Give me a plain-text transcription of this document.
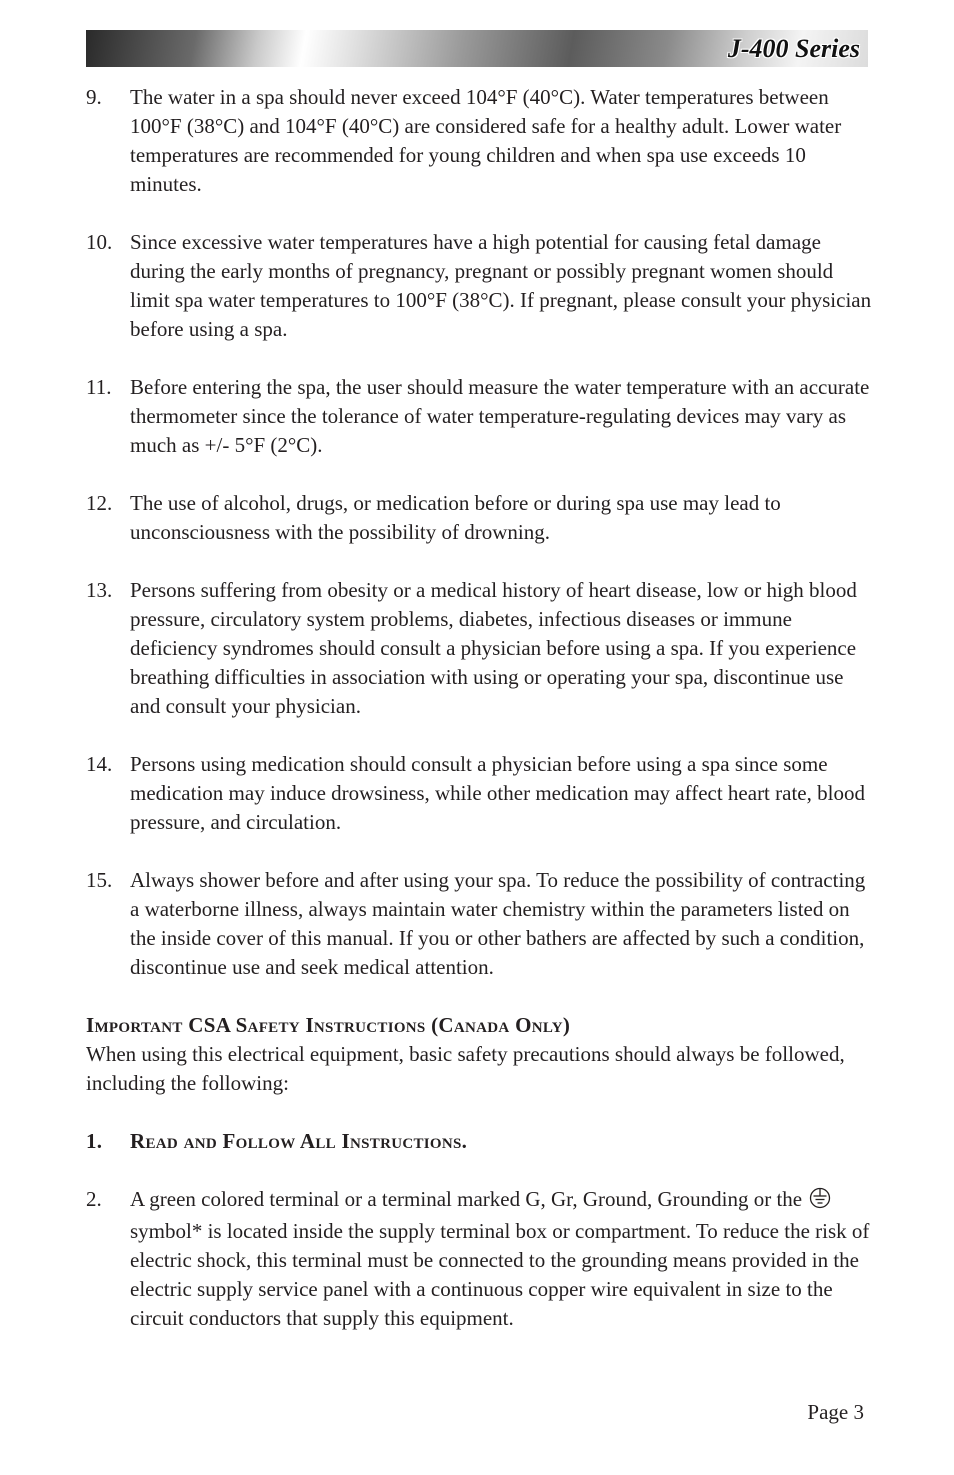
J-400 Series
9. The water in a spa should never exceed 104°F (40°C). Water temperatures between 100°F (38°C) and 104°F (40°C) are considered safe for a healthy adult. Lower water temperatures are recommended for young children and when spa use exceeds 10 minutes.
10. Since excessive water temperatures have a high potential for causing fetal damage during the early months of pregnancy, pregnant or possibly pregnant women should limit spa water temperatures to 100°F (38°C). If pregnant, please consult your physician before using a spa.
11. Before entering the spa, the user should measure the water temperature with an accurate thermometer since the tolerance of water temperature-regulating devices may vary as much as +/- 5°F (2°C).
12. The use of alcohol, drugs, or medication before or during spa use may lead to unconsciousness with the possibility of drowning.
13. Persons suffering from obesity or a medical history of heart disease, low or high blood pressure, circulatory system problems, diabetes, infectious diseases or immune deficiency syndromes should consult a physician before using a spa. If you experience breathing difficulties in association with using or operating your spa, discontinue use and consult your physician.
14. Persons using medication should consult a physician before using a spa since some medication may induce drowsiness, while other medication may affect heart rate, blood pressure, and circulation.
15. Always shower before and after using your spa. To reduce the possibility of contracting a waterborne illness, always maintain water chemistry within the parameters listed on the inside cover of this manual. If you or other bathers are affected by such a condition, discontinue use and seek medical attention.
Important CSA Safety Instructions (Canada Only)
When using this electrical equipment, basic safety precautions should always be followed, including the following:
1. Read and Follow All Instructions.
2. A green colored terminal or a terminal marked G, Gr, Ground, Grounding or the  symbol* is located inside the supply terminal box or compartment. To reduce the risk of electric shock, this terminal must be connected to the grounding means provided in the electric supply service panel with a continuous copper wire equivalent in size to the circuit conductors that supply this equipment.
Page 3
